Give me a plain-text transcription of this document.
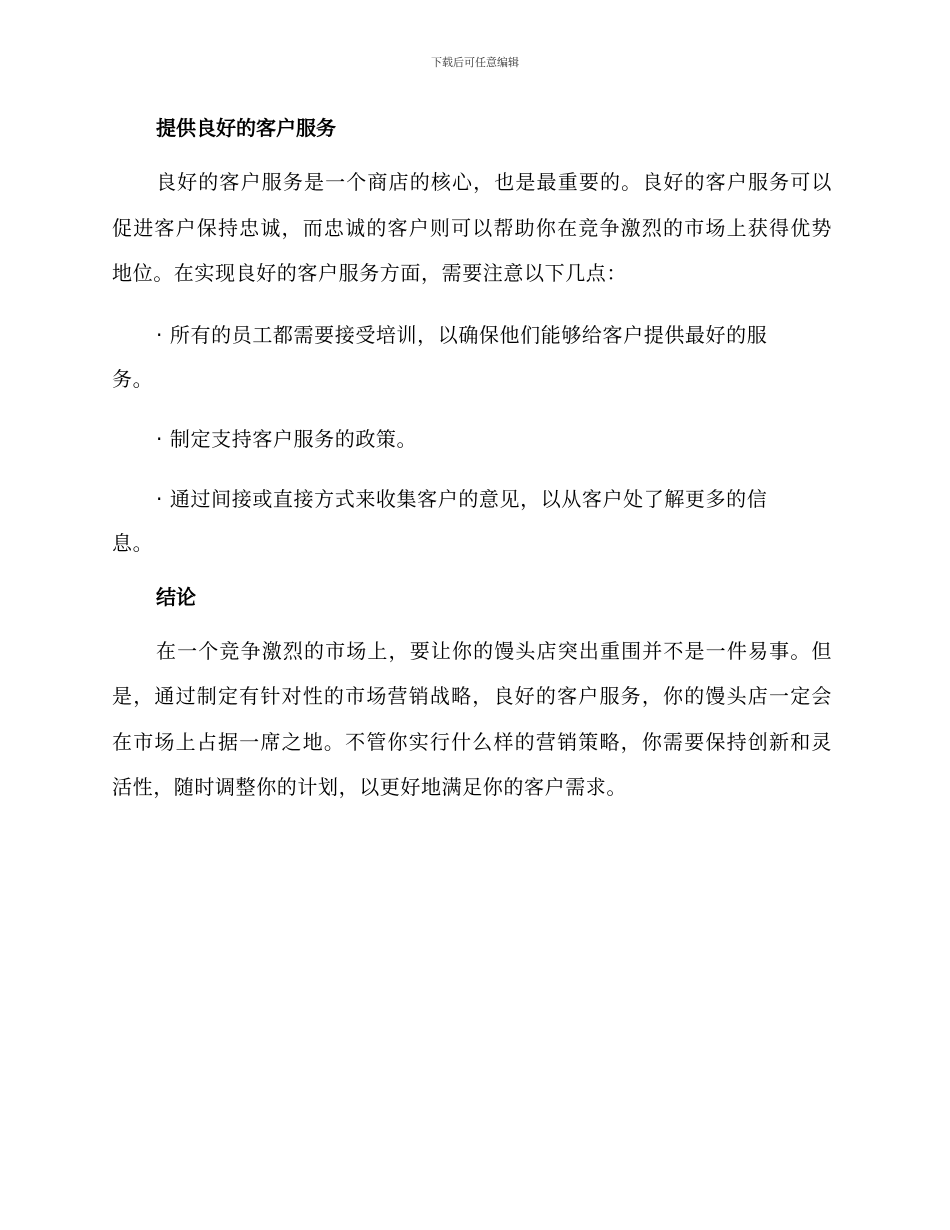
下载后可任意编辑
提供良好的客户服务

良好的客户服务是一个商店的核心，也是最重要的。良好的客户服务可以促进客户保持忠诚，而忠诚的客户则可以帮助你在竞争激烈的市场上获得优势地位。在实现良好的客户服务方面，需要注意以下几点：

· 所有的员工都需要接受培训，以确保他们能够给客户提供最好的服务。

· 制定支持客户服务的政策。

· 通过间接或直接方式来收集客户的意见，以从客户处了解更多的信息。

结论

在一个竞争激烈的市场上，要让你的馒头店突出重围并不是一件易事。但是，通过制定有针对性的市场营销战略，良好的客户服务，你的馒头店一定会在市场上占据一席之地。不管你实行什么样的营销策略，你需要保持创新和灵活性，随时调整你的计划，以更好地满足你的客户需求。
